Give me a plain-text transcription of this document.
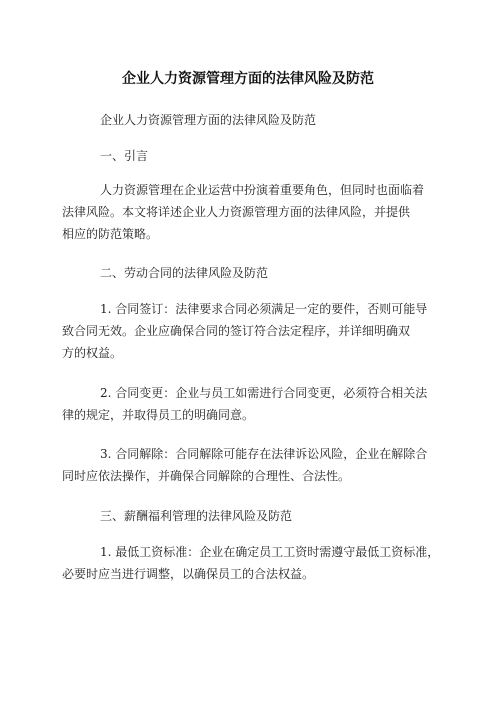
企业人力资源管理方面的法律风险及防范
企业人力资源管理方面的法律风险及防范
一、引言
人力资源管理在企业运营中扮演着重要角色，但同时也面临着
法律风险。本文将详述企业人力资源管理方面的法律风险，并提供
相应的防范策略。
二、劳动合同的法律风险及防范
1. 合同签订：法律要求合同必须满足一定的要件，否则可能导
致合同无效。企业应确保合同的签订符合法定程序，并详细明确双
方的权益。
2. 合同变更：企业与员工如需进行合同变更，必须符合相关法
律的规定，并取得员工的明确同意。
3. 合同解除：合同解除可能存在法律诉讼风险，企业在解除合
同时应依法操作，并确保合同解除的合理性、合法性。
三、薪酬福利管理的法律风险及防范
1. 最低工资标准：企业在确定员工工资时需遵守最低工资标准，
必要时应当进行调整，以确保员工的合法权益。
